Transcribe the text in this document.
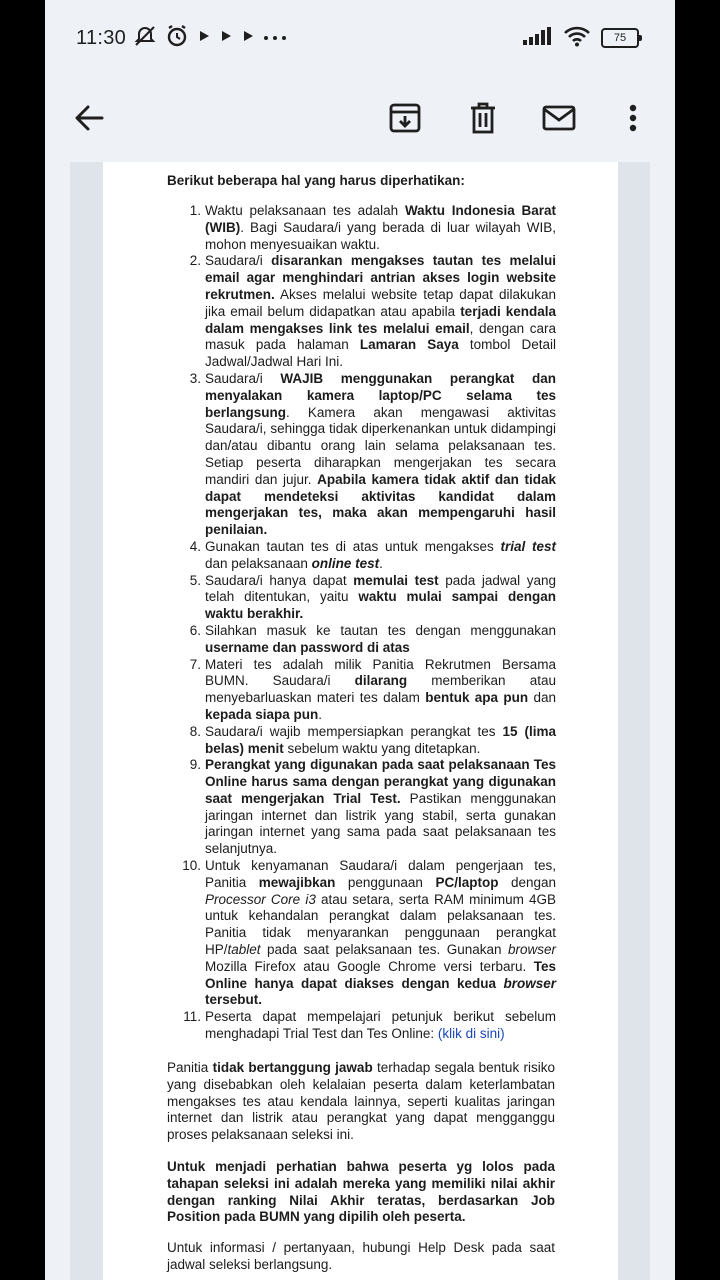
11:30	75
Berikut beberapa hal yang harus diperhatikan:
1. Waktu pelaksanaan tes adalah Waktu Indonesia Barat (WIB). Bagi Saudara/i yang berada di luar wilayah WIB, mohon menyesuaikan waktu.
2. Saudara/i disarankan mengakses tautan tes melalui email agar menghindari antrian akses login website rekrutmen. Akses melalui website tetap dapat dilakukan jika email belum didapatkan atau apabila terjadi kendala dalam mengakses link tes melalui email, dengan cara masuk pada halaman Lamaran Saya tombol Detail Jadwal/Jadwal Hari Ini.
3. Saudara/i WAJIB menggunakan perangkat dan menyalakan kamera laptop/PC selama tes berlangsung. Kamera akan mengawasi aktivitas Saudara/i, sehingga tidak diperkenankan untuk didampingi dan/atau dibantu orang lain selama pelaksanaan tes. Setiap peserta diharapkan mengerjakan tes secara mandiri dan jujur. Apabila kamera tidak aktif dan tidak dapat mendeteksi aktivitas kandidat dalam mengerjakan tes, maka akan mempengaruhi hasil penilaian.
4. Gunakan tautan tes di atas untuk mengakses trial test dan pelaksanaan online test.
5. Saudara/i hanya dapat memulai test pada jadwal yang telah ditentukan, yaitu waktu mulai sampai dengan waktu berakhir.
6. Silahkan masuk ke tautan tes dengan menggunakan username dan password di atas
7. Materi tes adalah milik Panitia Rekrutmen Bersama BUMN. Saudara/i dilarang memberikan atau menyebarluaskan materi tes dalam bentuk apa pun dan kepada siapa pun.
8. Saudara/i wajib mempersiapkan perangkat tes 15 (lima belas) menit sebelum waktu yang ditetapkan.
9. Perangkat yang digunakan pada saat pelaksanaan Tes Online harus sama dengan perangkat yang digunakan saat mengerjakan Trial Test. Pastikan menggunakan jaringan internet dan listrik yang stabil, serta gunakan jaringan internet yang sama pada saat pelaksanaan tes selanjutnya.
10. Untuk kenyamanan Saudara/i dalam pengerjaan tes, Panitia mewajibkan penggunaan PC/laptop dengan Processor Core i3 atau setara, serta RAM minimum 4GB untuk kehandalan perangkat dalam pelaksanaan tes. Panitia tidak menyarankan penggunaan perangkat HP/tablet pada saat pelaksanaan tes. Gunakan browser Mozilla Firefox atau Google Chrome versi terbaru. Tes Online hanya dapat diakses dengan kedua browser tersebut.
11. Peserta dapat mempelajari petunjuk berikut sebelum menghadapi Trial Test dan Tes Online: (klik di sini)
Panitia tidak bertanggung jawab terhadap segala bentuk risiko yang disebabkan oleh kelalaian peserta dalam keterlambatan mengakses tes atau kendala lainnya, seperti kualitas jaringan internet dan listrik atau perangkat yang dapat mengganggu proses pelaksanaan seleksi ini.
Untuk menjadi perhatian bahwa peserta yg lolos pada tahapan seleksi ini adalah mereka yang memiliki nilai akhir dengan ranking Nilai Akhir teratas, berdasarkan Job Position pada BUMN yang dipilih oleh peserta.
Untuk informasi / pertanyaan, hubungi Help Desk pada saat jadwal seleksi berlangsung.
